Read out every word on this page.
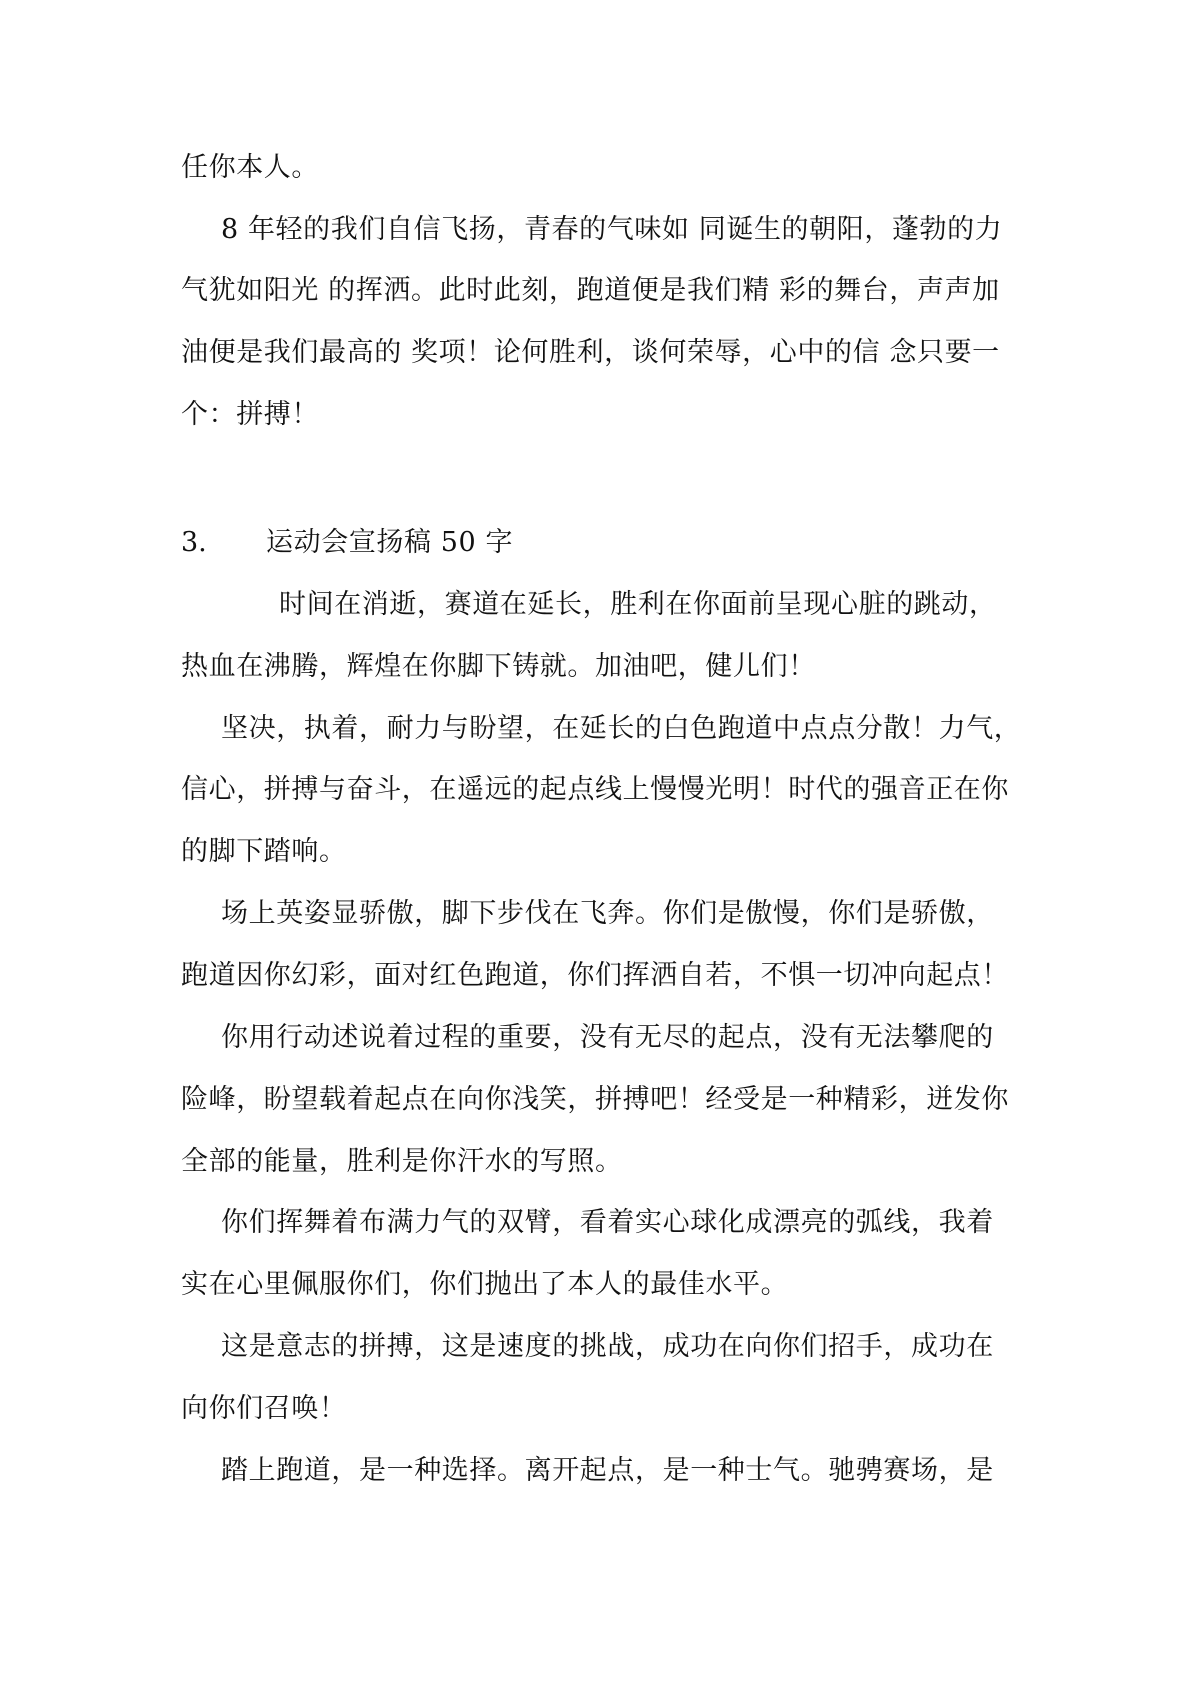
任你本人。
8 年轻的我们自信飞扬，青春的气味如 同诞生的朝阳，蓬勃的力
气犹如阳光 的挥洒。此时此刻，跑道便是我们精 彩的舞台，声声加
油便是我们最高的 奖项！论何胜利，谈何荣辱，心中的信 念只要一
个：拼搏！
3. 运动会宣扬稿 50 字
时间在消逝，赛道在延长，胜利在你面前呈现心脏的跳动，
热血在沸腾，辉煌在你脚下铸就。加油吧，健儿们！
坚决，执着，耐力与盼望，在延长的白色跑道中点点分散！力气，
信心，拼搏与奋斗，在遥远的起点线上慢慢光明！时代的强音正在你
的脚下踏响。
场上英姿显骄傲，脚下步伐在飞奔。你们是傲慢，你们是骄傲，
跑道因你幻彩，面对红色跑道，你们挥洒自若，不惧一切冲向起点！
你用行动述说着过程的重要，没有无尽的起点，没有无法攀爬的
险峰，盼望载着起点在向你浅笑，拼搏吧！经受是一种精彩，迸发你
全部的能量，胜利是你汗水的写照。
你们挥舞着布满力气的双臂，看着实心球化成漂亮的弧线，我着
实在心里佩服你们，你们抛出了本人的最佳水平。
这是意志的拼搏，这是速度的挑战，成功在向你们招手，成功在
向你们召唤！
踏上跑道，是一种选择。离开起点，是一种士气。驰骋赛场，是
